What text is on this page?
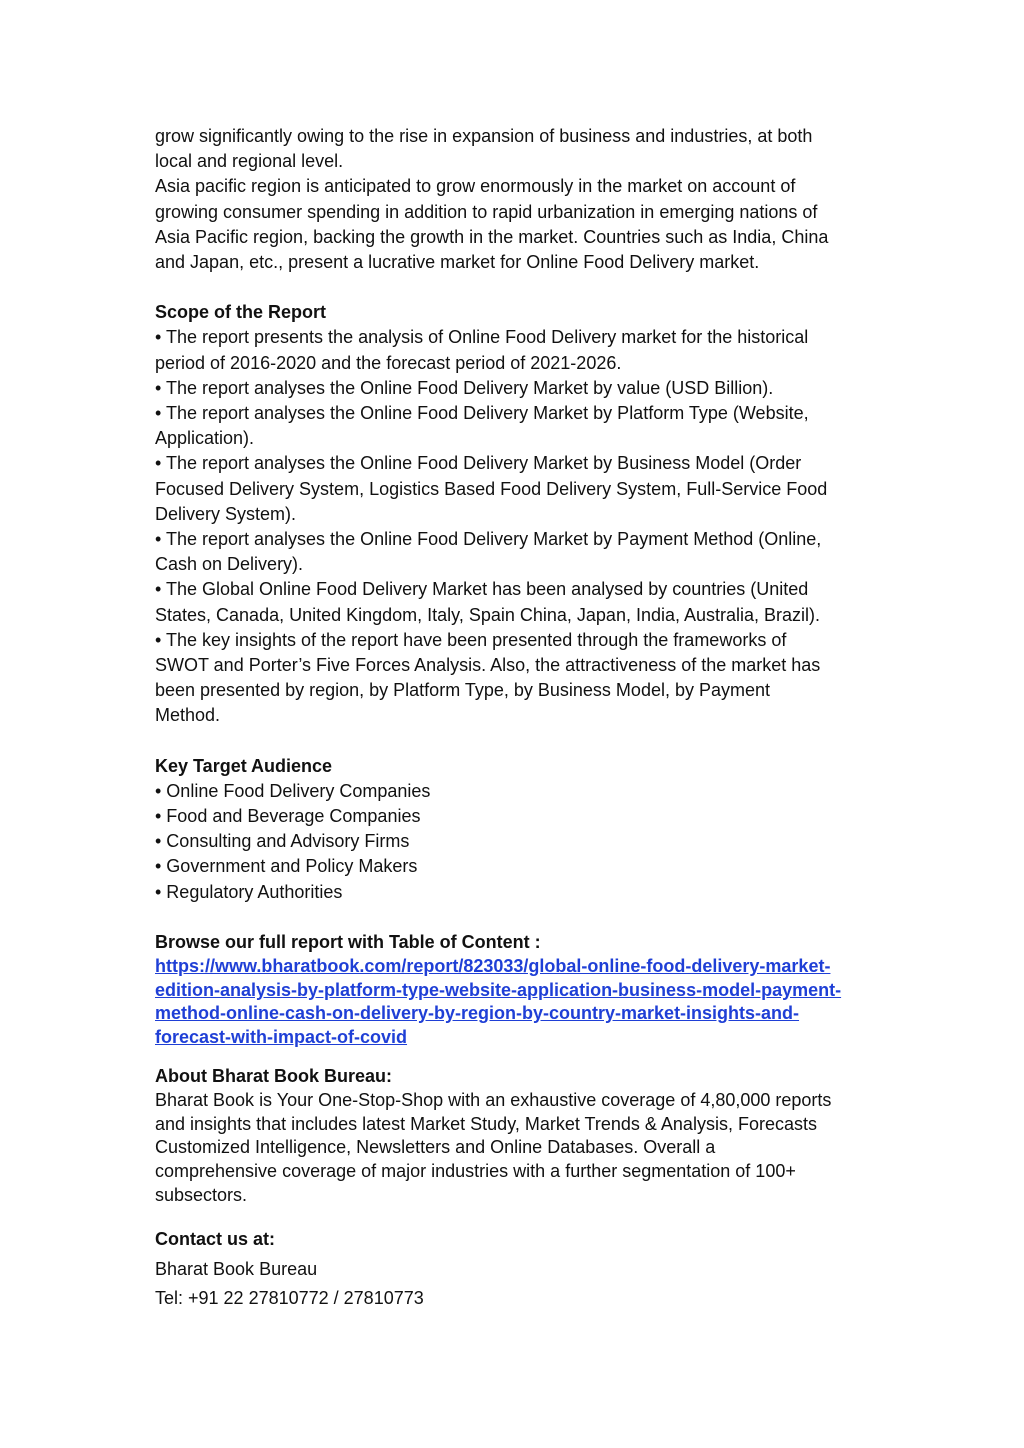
grow significantly owing to the rise in expansion of business and industries, at both
local and regional level.
Asia pacific region is anticipated to grow enormously in the market on account of
growing consumer spending in addition to rapid urbanization in emerging nations of
Asia Pacific region, backing the growth in the market. Countries such as India, China
and Japan, etc., present a lucrative market for Online Food Delivery market.
Scope of the Report
• The report presents the analysis of Online Food Delivery market for the historical
period of 2016-2020 and the forecast period of 2021-2026.
• The report analyses the Online Food Delivery Market by value (USD Billion).
• The report analyses the Online Food Delivery Market by Platform Type (Website,
Application).
• The report analyses the Online Food Delivery Market by Business Model (Order
Focused Delivery System, Logistics Based Food Delivery System, Full-Service Food
Delivery System).
• The report analyses the Online Food Delivery Market by Payment Method (Online,
Cash on Delivery).
• The Global Online Food Delivery Market has been analysed by countries (United
States, Canada, United Kingdom, Italy, Spain China, Japan, India, Australia, Brazil).
• The key insights of the report have been presented through the frameworks of
SWOT and Porter’s Five Forces Analysis. Also, the attractiveness of the market has
been presented by region, by Platform Type, by Business Model, by Payment
Method.
Key Target Audience
• Online Food Delivery Companies
• Food and Beverage Companies
• Consulting and Advisory Firms
• Government and Policy Makers
• Regulatory Authorities
Browse our full report with Table of Content :
https://www.bharatbook.com/report/823033/global-online-food-delivery-market-
edition-analysis-by-platform-type-website-application-business-model-payment-
method-online-cash-on-delivery-by-region-by-country-market-insights-and-
forecast-with-impact-of-covid
About Bharat Book Bureau:
Bharat Book is Your One-Stop-Shop with an exhaustive coverage of 4,80,000 reports
and insights that includes latest Market Study, Market Trends & Analysis, Forecasts
Customized Intelligence, Newsletters and Online Databases. Overall a
comprehensive coverage of major industries with a further segmentation of 100+
subsectors.
Contact us at:
Bharat Book Bureau
Tel: +91 22 27810772 / 27810773
